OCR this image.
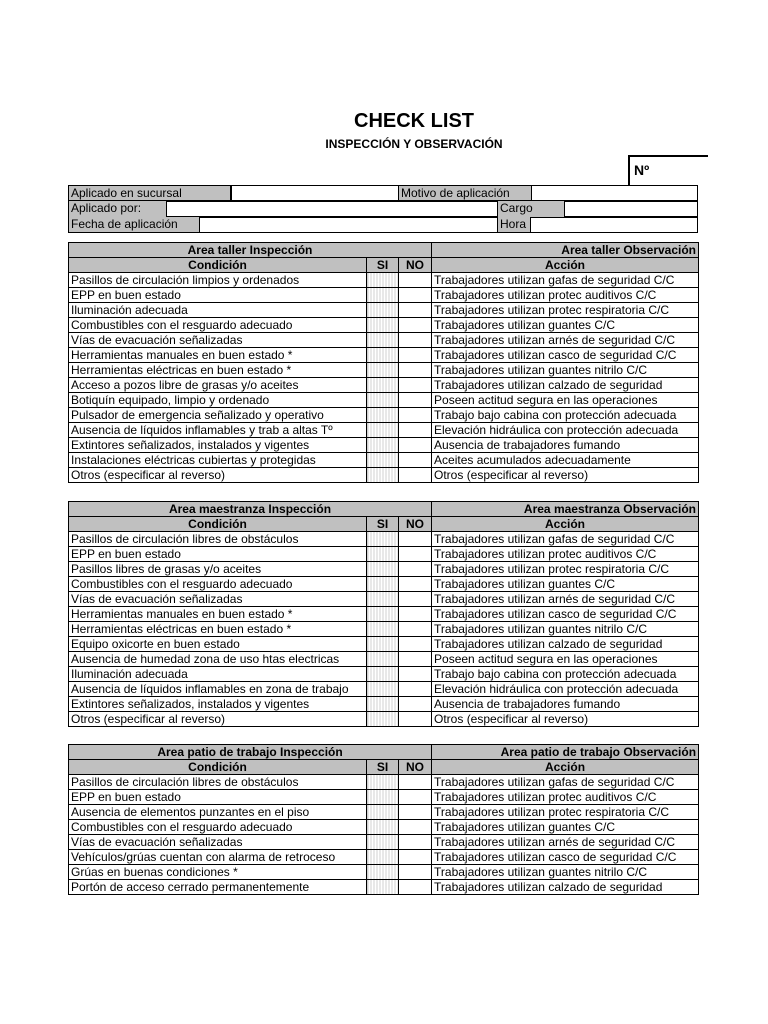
CHECK LIST
INSPECCIÓN Y OBSERVACIÓN
Nº
Aplicado en sucursal	Motivo de aplicación
Aplicado por:	Cargo
Fecha de aplicación	Hora
Area taller Inspección			Area taller Observación
Condición	SI	NO	Acción
Pasillos de circulación limpios y ordenados			Trabajadores utilizan gafas de seguridad C/C
EPP en buen estado			Trabajadores utilizan protec auditivos C/C
Iluminación adecuada			Trabajadores utilizan protec respiratoria C/C
Combustibles con el resguardo adecuado			Trabajadores utilizan guantes C/C
Vías de evacuación señalizadas			Trabajadores utilizan arnés de seguridad C/C
Herramientas manuales en buen estado *			Trabajadores utilizan casco de seguridad C/C
Herramientas eléctricas en buen estado *			Trabajadores utilizan guantes nitrilo C/C
Acceso a pozos libre de grasas y/o aceites			Trabajadores utilizan calzado de seguridad
Botiquín equipado, limpio y ordenado			Poseen actitud segura en las operaciones
Pulsador de emergencia señalizado y operativo			Trabajo bajo cabina con protección adecuada
Ausencia de líquidos inflamables y trab a altas Tº			Elevación hidráulica con protección adecuada
Extintores señalizados, instalados y vigentes			Ausencia de trabajadores fumando
Instalaciones eléctricas cubiertas y protegidas			Aceites acumulados adecuadamente
Otros (especificar al reverso)			Otros (especificar al reverso)
Area maestranza Inspección			Area maestranza Observación
Condición	SI	NO	Acción
Pasillos de circulación libres de obstáculos			Trabajadores utilizan gafas de seguridad C/C
EPP en buen estado			Trabajadores utilizan protec auditivos C/C
Pasillos libres de grasas y/o aceites			Trabajadores utilizan protec respiratoria C/C
Combustibles con el resguardo adecuado			Trabajadores utilizan guantes C/C
Vías de evacuación señalizadas			Trabajadores utilizan arnés de seguridad C/C
Herramientas manuales en buen estado *			Trabajadores utilizan casco de seguridad C/C
Herramientas eléctricas en buen estado *			Trabajadores utilizan guantes nitrilo C/C
Equipo oxicorte en buen estado			Trabajadores utilizan calzado de seguridad
Ausencia de humedad zona de uso htas electricas			Poseen actitud segura en las operaciones
Iluminación adecuada			Trabajo bajo cabina con protección adecuada
Ausencia de líquidos inflamables en zona de trabajo			Elevación hidráulica con protección adecuada
Extintores señalizados, instalados y vigentes			Ausencia de trabajadores fumando
Otros (especificar al reverso)			Otros (especificar al reverso)
Area patio de trabajo Inspección			Area patio de trabajo Observación
Condición	SI	NO	Acción
Pasillos de circulación libres de obstáculos			Trabajadores utilizan gafas de seguridad C/C
EPP en buen estado			Trabajadores utilizan protec auditivos C/C
Ausencia de elementos punzantes en el piso			Trabajadores utilizan protec respiratoria C/C
Combustibles con el resguardo adecuado			Trabajadores utilizan guantes C/C
Vías de evacuación señalizadas			Trabajadores utilizan arnés de seguridad C/C
Vehículos/grúas cuentan con alarma de retroceso			Trabajadores utilizan casco de seguridad C/C
Grúas en buenas condiciones *			Trabajadores utilizan guantes nitrilo C/C
Portón de acceso cerrado permanentemente			Trabajadores utilizan calzado de seguridad
